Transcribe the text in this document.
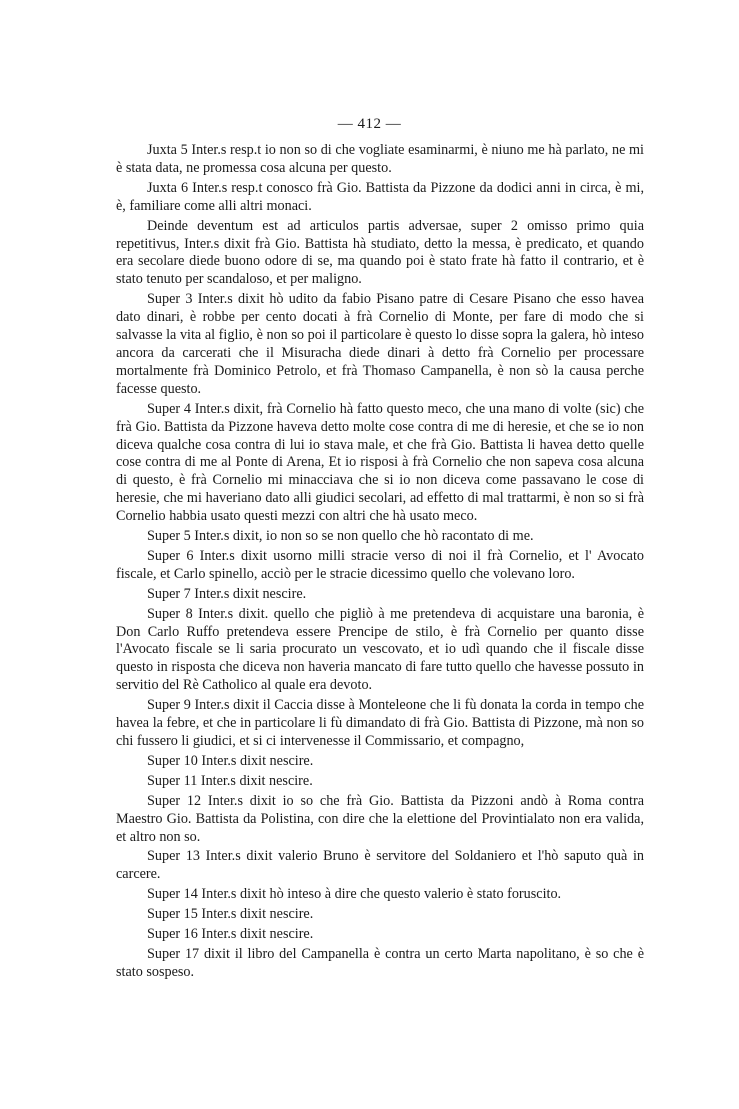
— 412 —

Juxta 5 Inter.s resp.t io non so di che vogliate esaminarmi, è niuno me hà parlato, ne mi è stata data, ne promessa cosa alcuna per questo.

Juxta 6 Inter.s resp.t conosco frà Gio. Battista da Pizzone da dodici anni in circa, è mi, è, familiare come alli altri monaci.

Deinde deventum est ad articulos partis adversae, super 2 omisso primo quia repetitivus, Inter.s dixit frà Gio. Battista hà studiato, detto la messa, è predicato, et quando era secolare diede buono odore di se, ma quando poi è stato frate hà fatto il contrario, et è stato tenuto per scandaloso, et per maligno.

Super 3 Inter.s dixit hò udito da fabio Pisano patre di Cesare Pisano che esso havea dato dinari, è robbe per cento docati à frà Cornelio di Monte, per fare di modo che si salvasse la vita al figlio, è non so poi il particolare è questo lo disse sopra la galera, hò inteso ancora da carcerati che il Misuracha diede dinari à detto frà Cornelio per processare mortalmente frà Dominico Petrolo, et frà Thomaso Campanella, è non sò la causa perche facesse questo.

Super 4 Inter.s dixit, frà Cornelio hà fatto questo meco, che una mano di volte (sic) che frà Gio. Battista da Pizzone haveva detto molte cose contra di me di heresie, et che se io non diceva qualche cosa contra di lui io stava male, et che frà Gio. Battista li havea detto quelle cose contra di me al Ponte di Arena, Et io risposi à frà Cornelio che non sapeva cosa alcuna di questo, è frà Cornelio mi minacciava che si io non diceva come passavano le cose di heresie, che mi haveriano dato alli giudici secolari, ad effetto di mal trattarmi, è non so si frà Cornelio habbia usato questi mezzi con altri che hà usato meco.

Super 5 Inter.s dixit, io non so se non quello che hò racontato di me.

Super 6 Inter.s dixit usorno milli stracie verso di noi il frà Cornelio, et l' Avocato fiscale, et Carlo spinello, acciò per le stracie dicessimo quello che volevano loro.

Super 7 Inter.s dixit nescire.

Super 8 Inter.s dixit. quello che pigliò à me pretendeva di acquistare una baronia, è Don Carlo Ruffo pretendeva essere Prencipe de stilo, è frà Cornelio per quanto disse l'Avocato fiscale se li saria procurato un vescovato, et io udì quando che il fiscale disse questo in risposta che diceva non haveria mancato di fare tutto quello che havesse possuto in servitio del Rè Catholico al quale era devoto.

Super 9 Inter.s dixit il Caccia disse à Monteleone che li fù donata la corda in tempo che havea la febre, et che in particolare li fù dimandato di frà Gio. Battista di Pizzone, mà non so chi fussero li giudici, et si ci intervenesse il Commissario, et compagno,

Super 10 Inter.s dixit nescire.

Super 11 Inter.s dixit nescire.

Super 12 Inter.s dixit io so che frà Gio. Battista da Pizzoni andò à Roma contra Maestro Gio. Battista da Polistina, con dire che la elettione del Provintialato non era valida, et altro non so.

Super 13 Inter.s dixit valerio Bruno è servitore del Soldaniero et l'hò saputo quà in carcere.

Super 14 Inter.s dixit hò inteso à dire che questo valerio è stato foruscito.

Super 15 Inter.s dixit nescire.

Super 16 Inter.s dixit nescire.

Super 17 dixit il libro del Campanella è contra un certo Marta napolitano, è so che è stato sospeso.
